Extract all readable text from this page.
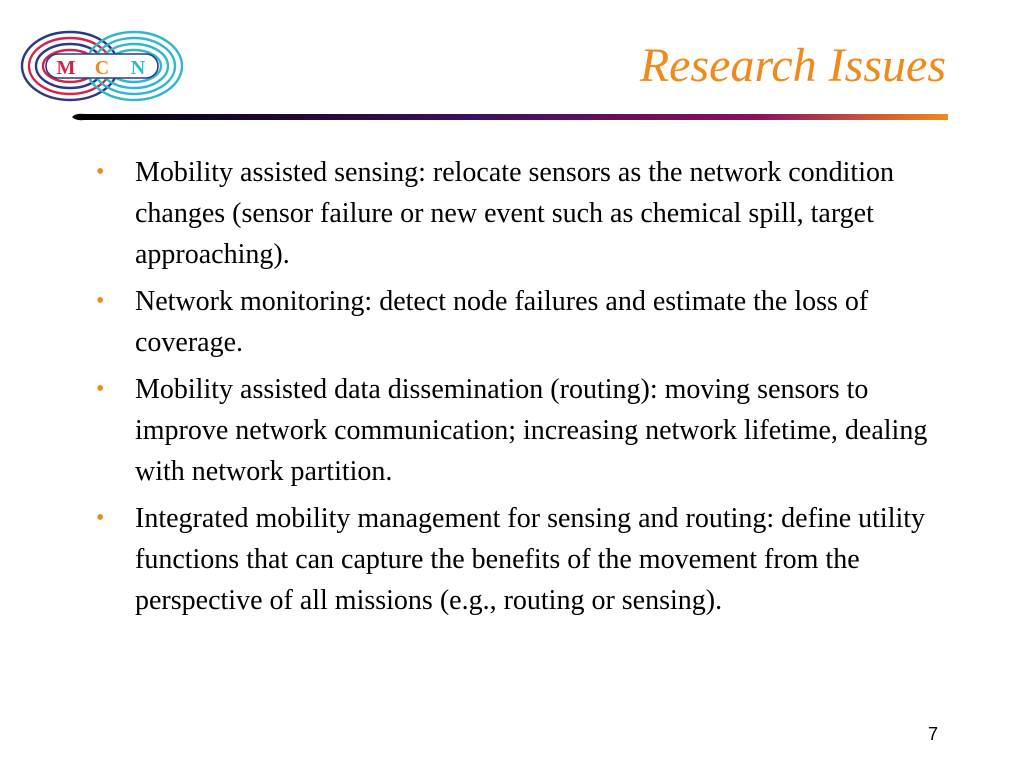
M C N	Research Issues
• Mobility assisted sensing: relocate sensors as the network condition changes (sensor failure or new event such as chemical spill, target approaching).
• Network monitoring: detect node failures and estimate the loss of coverage.
• Mobility assisted data dissemination (routing): moving sensors to improve network communication; increasing network lifetime, dealing with network partition.
• Integrated mobility management for sensing and routing: define utility functions that can capture the benefits of the movement from the perspective of all missions (e.g., routing or sensing).
7
